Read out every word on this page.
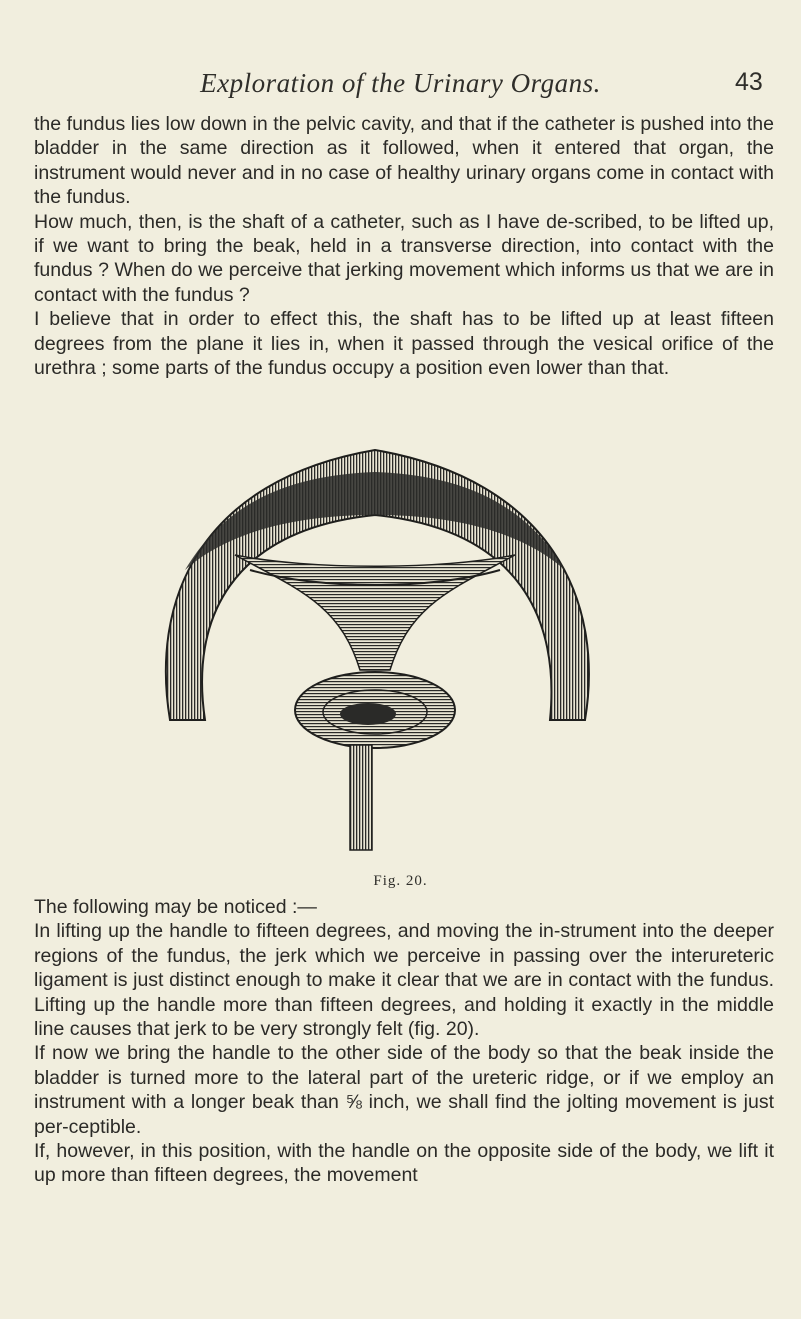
Exploration of the Urinary Organs.	43

the fundus lies low down in the pelvic cavity, and that if the catheter is pushed into the bladder in the same direction as it followed, when it entered that organ, the instrument would never and in no case of healthy urinary organs come in contact with the fundus.

How much, then, is the shaft of a catheter, such as I have de-scribed, to be lifted up, if we want to bring the beak, held in a transverse direction, into contact with the fundus ? When do we perceive that jerking movement which informs us that we are in contact with the fundus ?

I believe that in order to effect this, the shaft has to be lifted up at least fifteen degrees from the plane it lies in, when it passed through the vesical orifice of the urethra ; some parts of the fundus occupy a position even lower than that.

Fig. 20.

The following may be noticed :—

In lifting up the handle to fifteen degrees, and moving the in-strument into the deeper regions of the fundus, the jerk which we perceive in passing over the interureteric ligament is just distinct enough to make it clear that we are in contact with the fundus. Lifting up the handle more than fifteen degrees, and holding it exactly in the middle line causes that jerk to be very strongly felt (fig. 20).

If now we bring the handle to the other side of the body so that the beak inside the bladder is turned more to the lateral part of the ureteric ridge, or if we employ an instrument with a longer beak than ⅝ inch, we shall find the jolting movement is just per-ceptible.

If, however, in this position, with the handle on the opposite side of the body, we lift it up more than fifteen degrees, the movement
